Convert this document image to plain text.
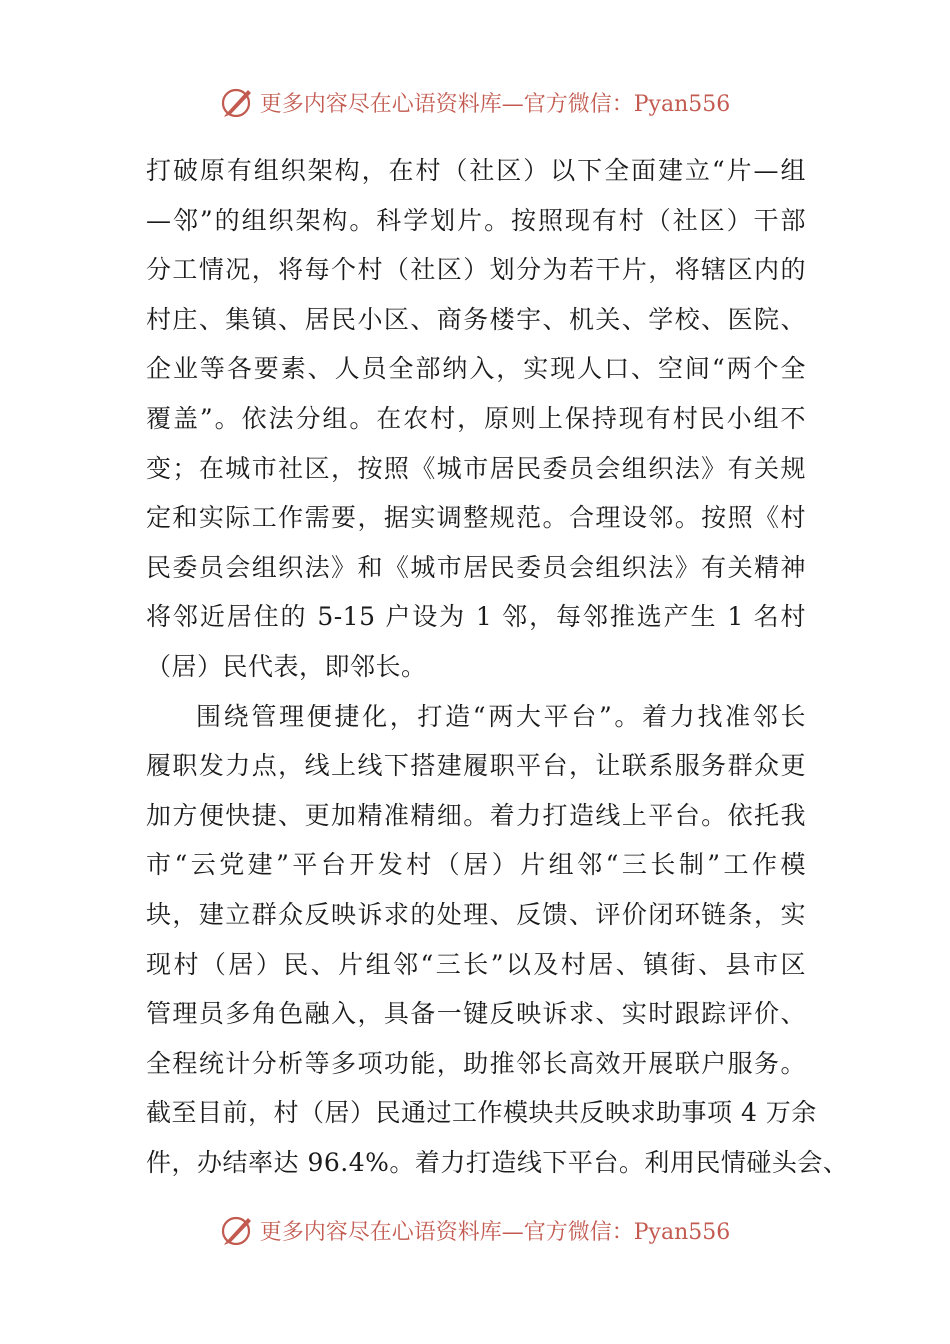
更多内容尽在心语资料库—官方微信：Pyan556
打破原有组织架构，在村（社区）以下全面建立“片—组
—邻”的组织架构。科学划片。按照现有村（社区）干部
分工情况，将每个村（社区）划分为若干片，将辖区内的
村庄、集镇、居民小区、商务楼宇、机关、学校、医院、
企业等各要素、人员全部纳入，实现人口、空间“两个全
覆盖”。依法分组。在农村，原则上保持现有村民小组不
变；在城市社区，按照《城市居民委员会组织法》有关规
定和实际工作需要，据实调整规范。合理设邻。按照《村
民委员会组织法》和《城市居民委员会组织法》有关精神
将邻近居住的 5-15 户设为 1 邻，每邻推选产生 1 名村
（居）民代表，即邻长。
围绕管理便捷化，打造“两大平台”。着力找准邻长
履职发力点，线上线下搭建履职平台，让联系服务群众更
加方便快捷、更加精准精细。着力打造线上平台。依托我
市“云党建”平台开发村（居）片组邻“三长制”工作模
块，建立群众反映诉求的处理、反馈、评价闭环链条，实
现村（居）民、片组邻“三长”以及村居、镇街、县市区
管理员多角色融入，具备一键反映诉求、实时跟踪评价、
全程统计分析等多项功能，助推邻长高效开展联户服务。
截至目前，村（居）民通过工作模块共反映求助事项 4 万余
件，办结率达 96.4%。着力打造线下平台。利用民情碰头会、
更多内容尽在心语资料库—官方微信：Pyan556
